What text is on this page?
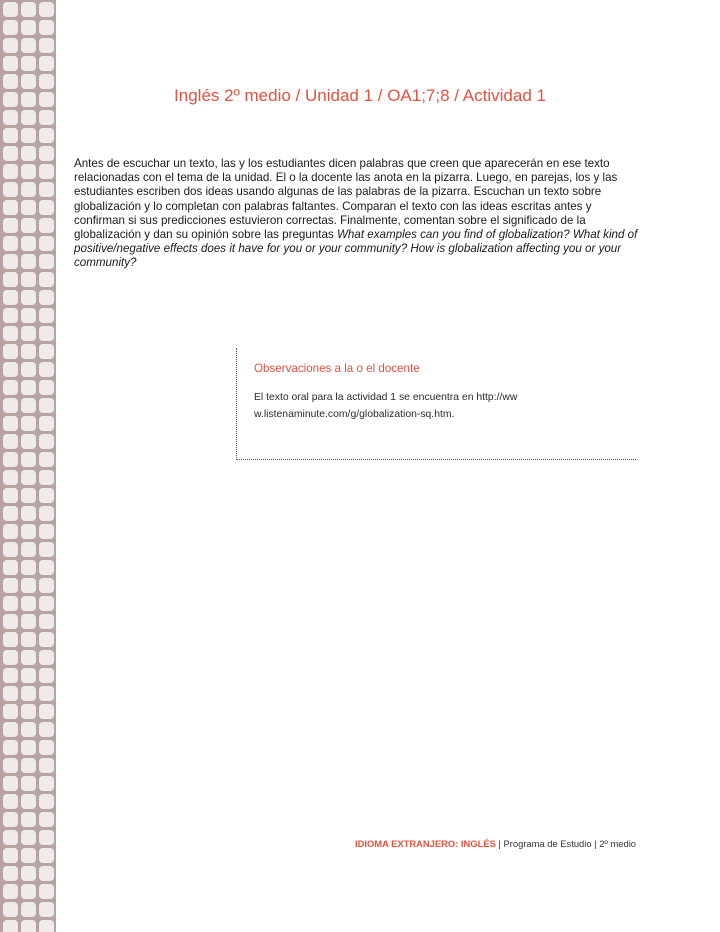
Inglés 2º medio / Unidad 1 / OA1;7;8 / Actividad 1

Antes de escuchar un texto, las y los estudiantes dicen palabras que creen que aparecerán en ese texto relacionadas con el tema de la unidad. El o la docente las anota en la pizarra. Luego, en parejas, los y las estudiantes escriben dos ideas usando algunas de las palabras de la pizarra. Escuchan un texto sobre globalización y lo completan con palabras faltantes. Comparan el texto con las ideas escritas antes y confirman si sus predicciones estuvieron correctas. Finalmente, comentan sobre el significado de la globalización y dan su opinión sobre las preguntas What examples can you find of globalization? What kind of positive/negative effects does it have for you or your community? How is globalization affecting you or your community?

Observaciones a la o el docente

El texto oral para la actividad 1 se encuentra en http://www.listenaminute.com/g/globalization-sq.htm.

IDIOMA EXTRANJERO: INGLÉS | Programa de Estudio | 2º medio
